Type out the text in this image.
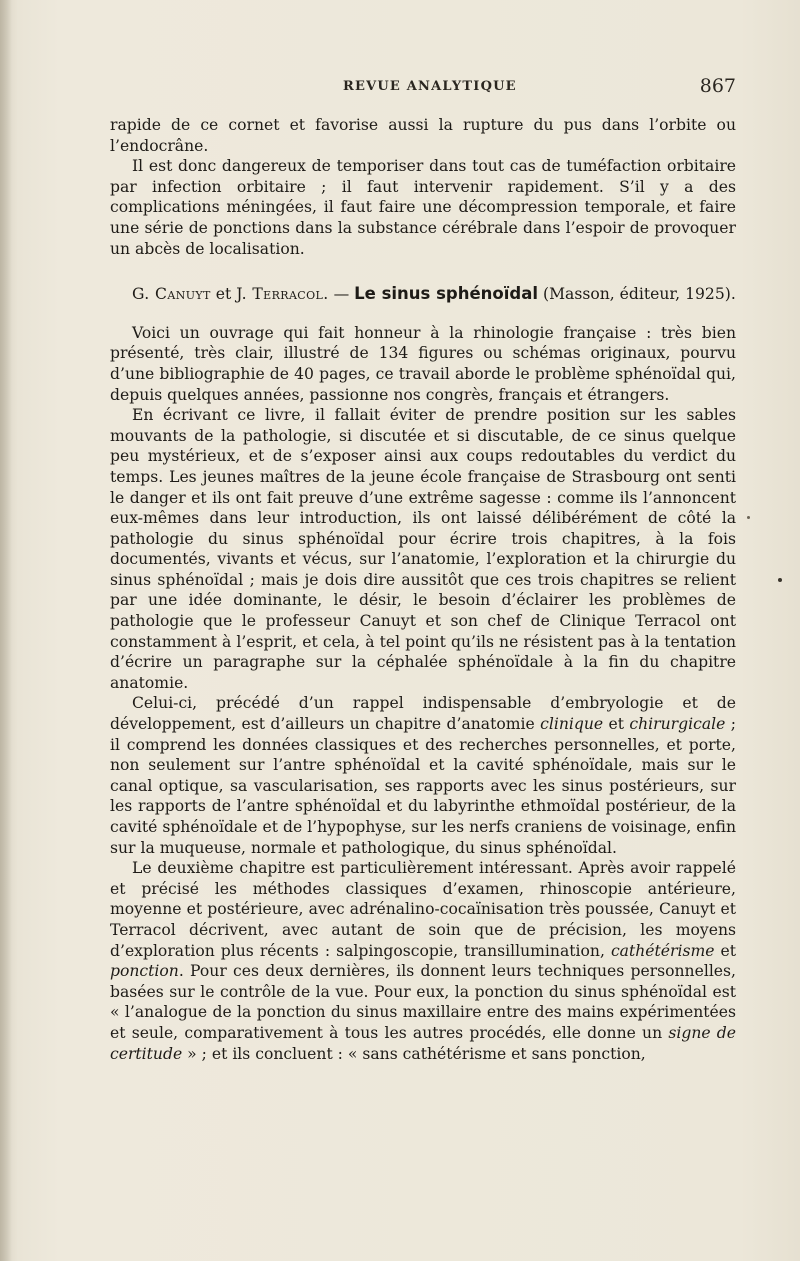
REVUE ANALYTIQUE	867

rapide de ce cornet et favorise aussi la rupture du pus dans l’orbite ou l’endocrâne.

Il est donc dangereux de temporiser dans tout cas de tuméfaction orbitaire par infection orbitaire ; il faut intervenir rapidement. S’il y a des complications méningées, il faut faire une décompression temporale, et faire une série de ponctions dans la substance cérébrale dans l’espoir de provoquer un abcès de localisation.

G. Canuyt et J. Terracol. — Le sinus sphénoïdal (Masson, éditeur, 1925).

Voici un ouvrage qui fait honneur à la rhinologie française : très bien présenté, très clair, illustré de 134 figures ou schémas originaux, pourvu d’une bibliographie de 40 pages, ce travail aborde le problème sphénoïdal qui, depuis quelques années, passionne nos congrès, français et étrangers.

En écrivant ce livre, il fallait éviter de prendre position sur les sables mouvants de la pathologie, si discutée et si discutable, de ce sinus quelque peu mystérieux, et de s’exposer ainsi aux coups redoutables du verdict du temps. Les jeunes maîtres de la jeune école française de Strasbourg ont senti le danger et ils ont fait preuve d’une extrême sagesse : comme ils l’annoncent eux-mêmes dans leur introduction, ils ont laissé délibérément de côté la pathologie du sinus sphénoïdal pour écrire trois chapitres, à la fois documentés, vivants et vécus, sur l’anatomie, l’exploration et la chirurgie du sinus sphénoïdal ; mais je dois dire aussitôt que ces trois chapitres se relient par une idée dominante, le désir, le besoin d’éclairer les problèmes de pathologie que le professeur Canuyt et son chef de Clinique Terracol ont constamment à l’esprit, et cela, à tel point qu’ils ne résistent pas à la tentation d’écrire un paragraphe sur la céphalée sphénoïdale à la fin du chapitre anatomie.

Celui-ci, précédé d’un rappel indispensable d’embryologie et de développement, est d’ailleurs un chapitre d’anatomie clinique et chirurgicale ; il comprend les données classiques et des recherches personnelles, et porte, non seulement sur l’antre sphénoïdal et la cavité sphénoïdale, mais sur le canal optique, sa vascularisation, ses rapports avec les sinus postérieurs, sur les rapports de l’antre sphénoïdal et du labyrinthe ethmoïdal postérieur, de la cavité sphénoïdale et de l’hypophyse, sur les nerfs craniens de voisinage, enfin sur la muqueuse, normale et pathologique, du sinus sphénoïdal.

Le deuxième chapitre est particulièrement intéressant. Après avoir rappelé et précisé les méthodes classiques d’examen, rhinoscopie antérieure, moyenne et postérieure, avec adrénalino-cocaïnisation très poussée, Canuyt et Terracol décrivent, avec autant de soin que de précision, les moyens d’exploration plus récents : salpingoscopie, transillumination, cathétérisme et ponction. Pour ces deux dernières, ils donnent leurs techniques personnelles, basées sur le contrôle de la vue. Pour eux, la ponction du sinus sphénoïdal est « l’analogue de la ponction du sinus maxillaire entre des mains expérimentées et seule, comparativement à tous les autres procédés, elle donne un signe de certitude » ; et ils concluent : « sans cathétérisme et sans ponction,
